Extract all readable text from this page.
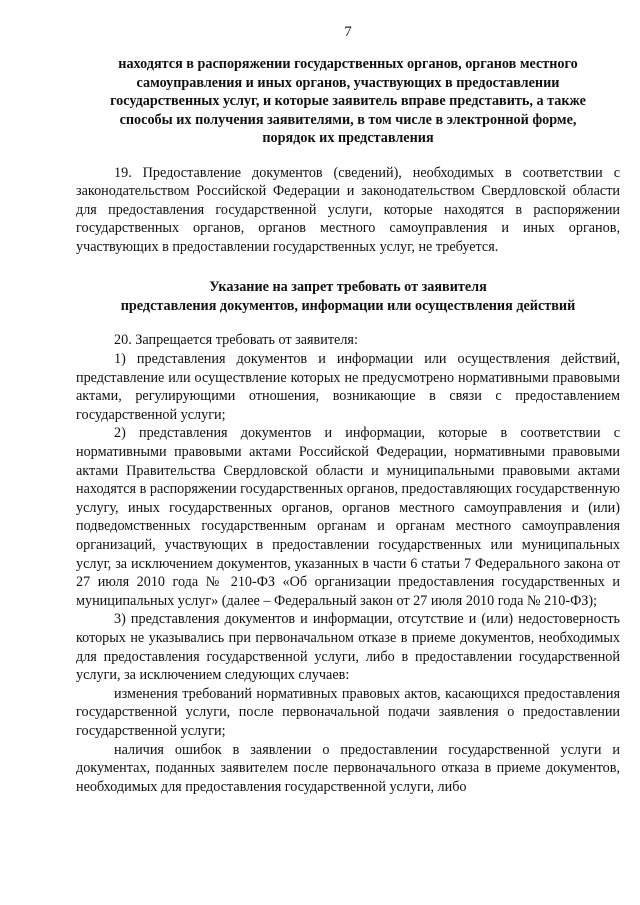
7
находятся в распоряжении государственных органов, органов местного
самоуправления и иных органов, участвующих в предоставлении
государственных услуг, и которые заявитель вправе представить, а также
способы их получения заявителями, в том числе в электронной форме,
порядок их представления

19. Предоставление документов (сведений), необходимых в соответствии с законодательством Российской Федерации и законодательством Свердловской области для предоставления государственной услуги, которые находятся в распоряжении государственных органов, органов местного самоуправления и иных органов, участвующих в предоставлении государственных услуг, не требуется.

Указание на запрет требовать от заявителя
представления документов, информации или осуществления действий

20. Запрещается требовать от заявителя:

1) представления документов и информации или осуществления действий, представление или осуществление которых не предусмотрено нормативными правовыми актами, регулирующими отношения, возникающие в связи с предоставлением государственной услуги;

2) представления документов и информации, которые в соответствии с нормативными правовыми актами Российской Федерации, нормативными правовыми актами Правительства Свердловской области и муниципальными правовыми актами находятся в распоряжении государственных органов, предоставляющих государственную услугу, иных государственных органов, органов местного самоуправления и (или) подведомственных государственным органам и органам местного самоуправления организаций, участвующих в предоставлении государственных или муниципальных услуг, за исключением документов, указанных в части 6 статьи 7 Федерального закона от 27 июля 2010 года № 210-ФЗ «Об организации предоставления государственных и муниципальных услуг» (далее – Федеральный закон от 27 июля 2010 года № 210-ФЗ);

3) представления документов и информации, отсутствие и (или) недостоверность которых не указывались при первоначальном отказе в приеме документов, необходимых для предоставления государственной услуги, либо в предоставлении государственной услуги, за исключением следующих случаев:

изменения требований нормативных правовых актов, касающихся предоставления государственной услуги, после первоначальной подачи заявления о предоставлении государственной услуги;

наличия ошибок в заявлении о предоставлении государственной услуги и документах, поданных заявителем после первоначального отказа в приеме документов, необходимых для предоставления государственной услуги, либо
